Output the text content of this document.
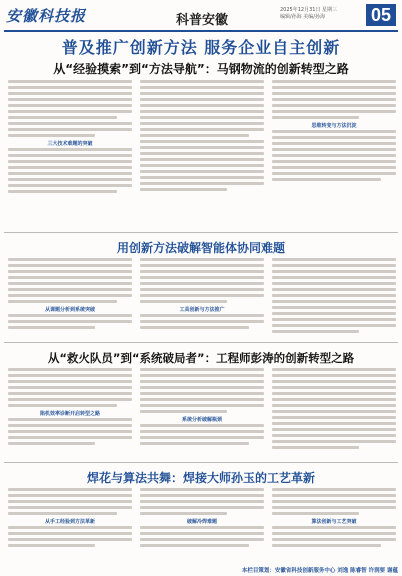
安徽科技报	科普安徽
2025年12月31日 星期三
编辑/孙海 美编/孙海	05
普及推广创新方法 服务企业自主创新
从“经验摸索”到“方法导航”：马钢物流的创新转型之路
三大技术难题的突破
思维转变与方法沉淀
用创新方法破解智能体协同难题
从课题分析到系统突破	工具创新与方法推广
从“救火队员”到“系统破局者”：工程师彭涛的创新转型之路
陷机效率诊断开启转型之路
系统分析破解瓶颈
焊花与算法共舞：焊接大师孙玉的工艺革新
从手工经验到方法革新	破解冷焊难题	算法创新与工艺突破
本栏目策划：安徽省科技创新服务中心 刘逸 陈睿智 许润要 谢蕴
